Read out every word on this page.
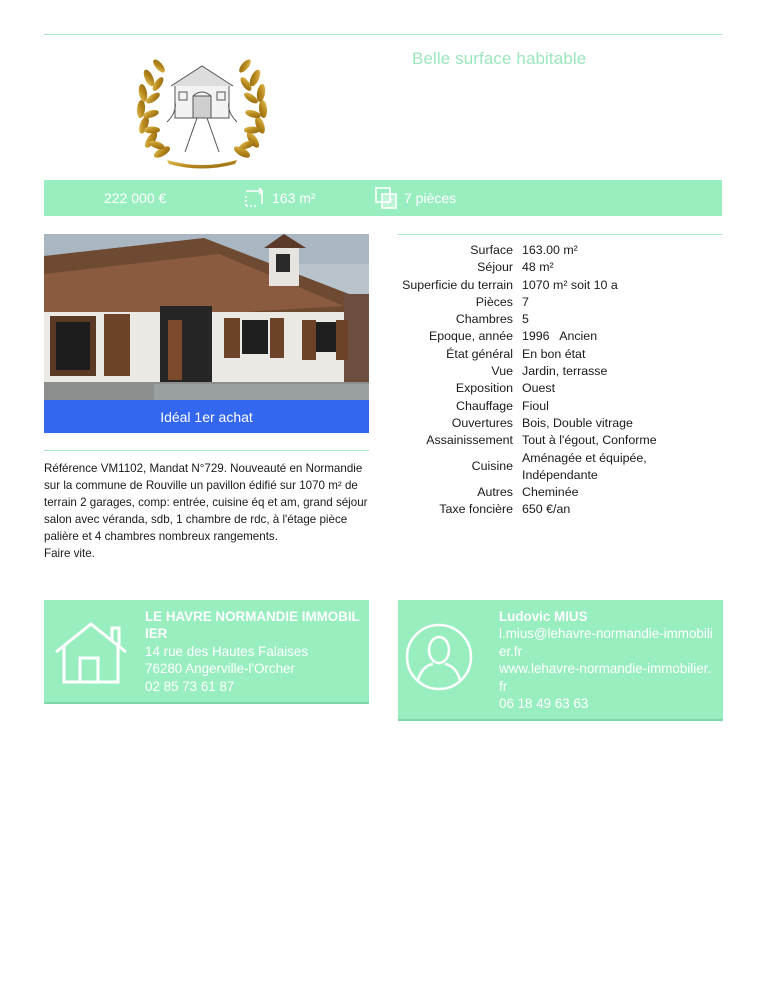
Belle surface habitable
222 000 €	163 m²	7 pièces
Idéal 1er achat
Référence VM1102, Mandat N°729. Nouveauté en Normandie sur la commune de Rouville un pavillon édifié sur 1070 m² de terrain 2 garages, comp: entrée, cuisine éq et am, grand séjour salon avec véranda, sdb, 1 chambre de rdc, à l'étage pièce palière et 4 chambres nombreux rangements.
Faire vite.
Surface 163.00 m²
Séjour 48 m²
Superficie du terrain 1070 m² soit 10 a
Pièces 7
Chambres 5
Epoque, année 1996   Ancien
État général En bon état
Vue Jardin, terrasse
Exposition Ouest
Chauffage Fioul
Ouvertures Bois, Double vitrage
Assainissement Tout à l'égout, Conforme
Cuisine
Aménagée et équipée, Indépendante
Autres Cheminée
Taxe foncière 650 €/an
LE HAVRE NORMANDIE IMMOBILIER
14 rue des Hautes Falaises
76280 Angerville-l'Orcher
02 85 73 61 87
Ludovic MIUS
l.mius@lehavre-normandie-immobilier.fr
www.lehavre-normandie-immobilier.fr
06 18 49 63 63
